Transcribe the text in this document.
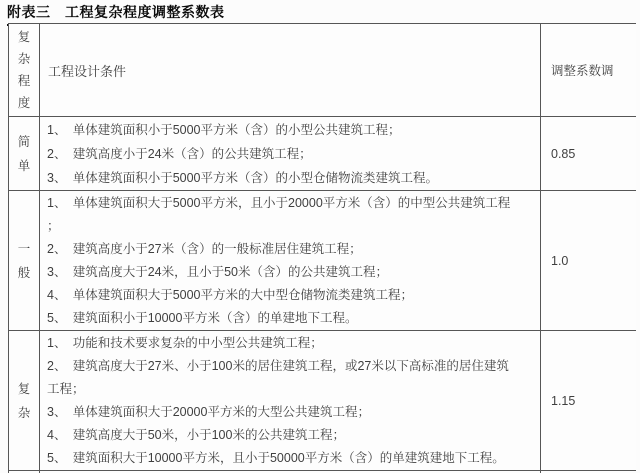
附表三　工程复杂程度调整系数表
复
杂
程
度	工程设计条件	调整系数调

简
单

1、　单体建筑面积小于5000平方米（含）的小型公共建筑工程；
2、　建筑高度小于24米（含）的公共建筑工程；
3、　单体建筑面积小于5000平方米（含）的小型仓储物流类建筑工程。
	0.85

一
般

1、　单体建筑面积大于5000平方米，且小于20000平方米（含）的中型公共建筑工程
；
2、　建筑高度小于27米（含）的一般标准居住建筑工程；
3、　建筑高度大于24米，且小于50米（含）的公共建筑工程；
4、　单体建筑面积大于5000平方米的大中型仓储物流类建筑工程；
5、　建筑面积小于10000平方米（含）的单建地下工程。
	1.0

复
杂

1、　功能和技术要求复杂的中小型公共建筑工程；
2、　建筑高度大于27米、小于100米的居住建筑工程，或27米以下高标准的居住建筑
工程；
3、　单体建筑面积大于20000平方米的大型公共建筑工程；
4、　建筑高度大于50米，小于100米的公共建筑工程；
5、　建筑面积大于10000平方米，且小于50000平方米（含）的单建筑建地下工程。
	1.15
